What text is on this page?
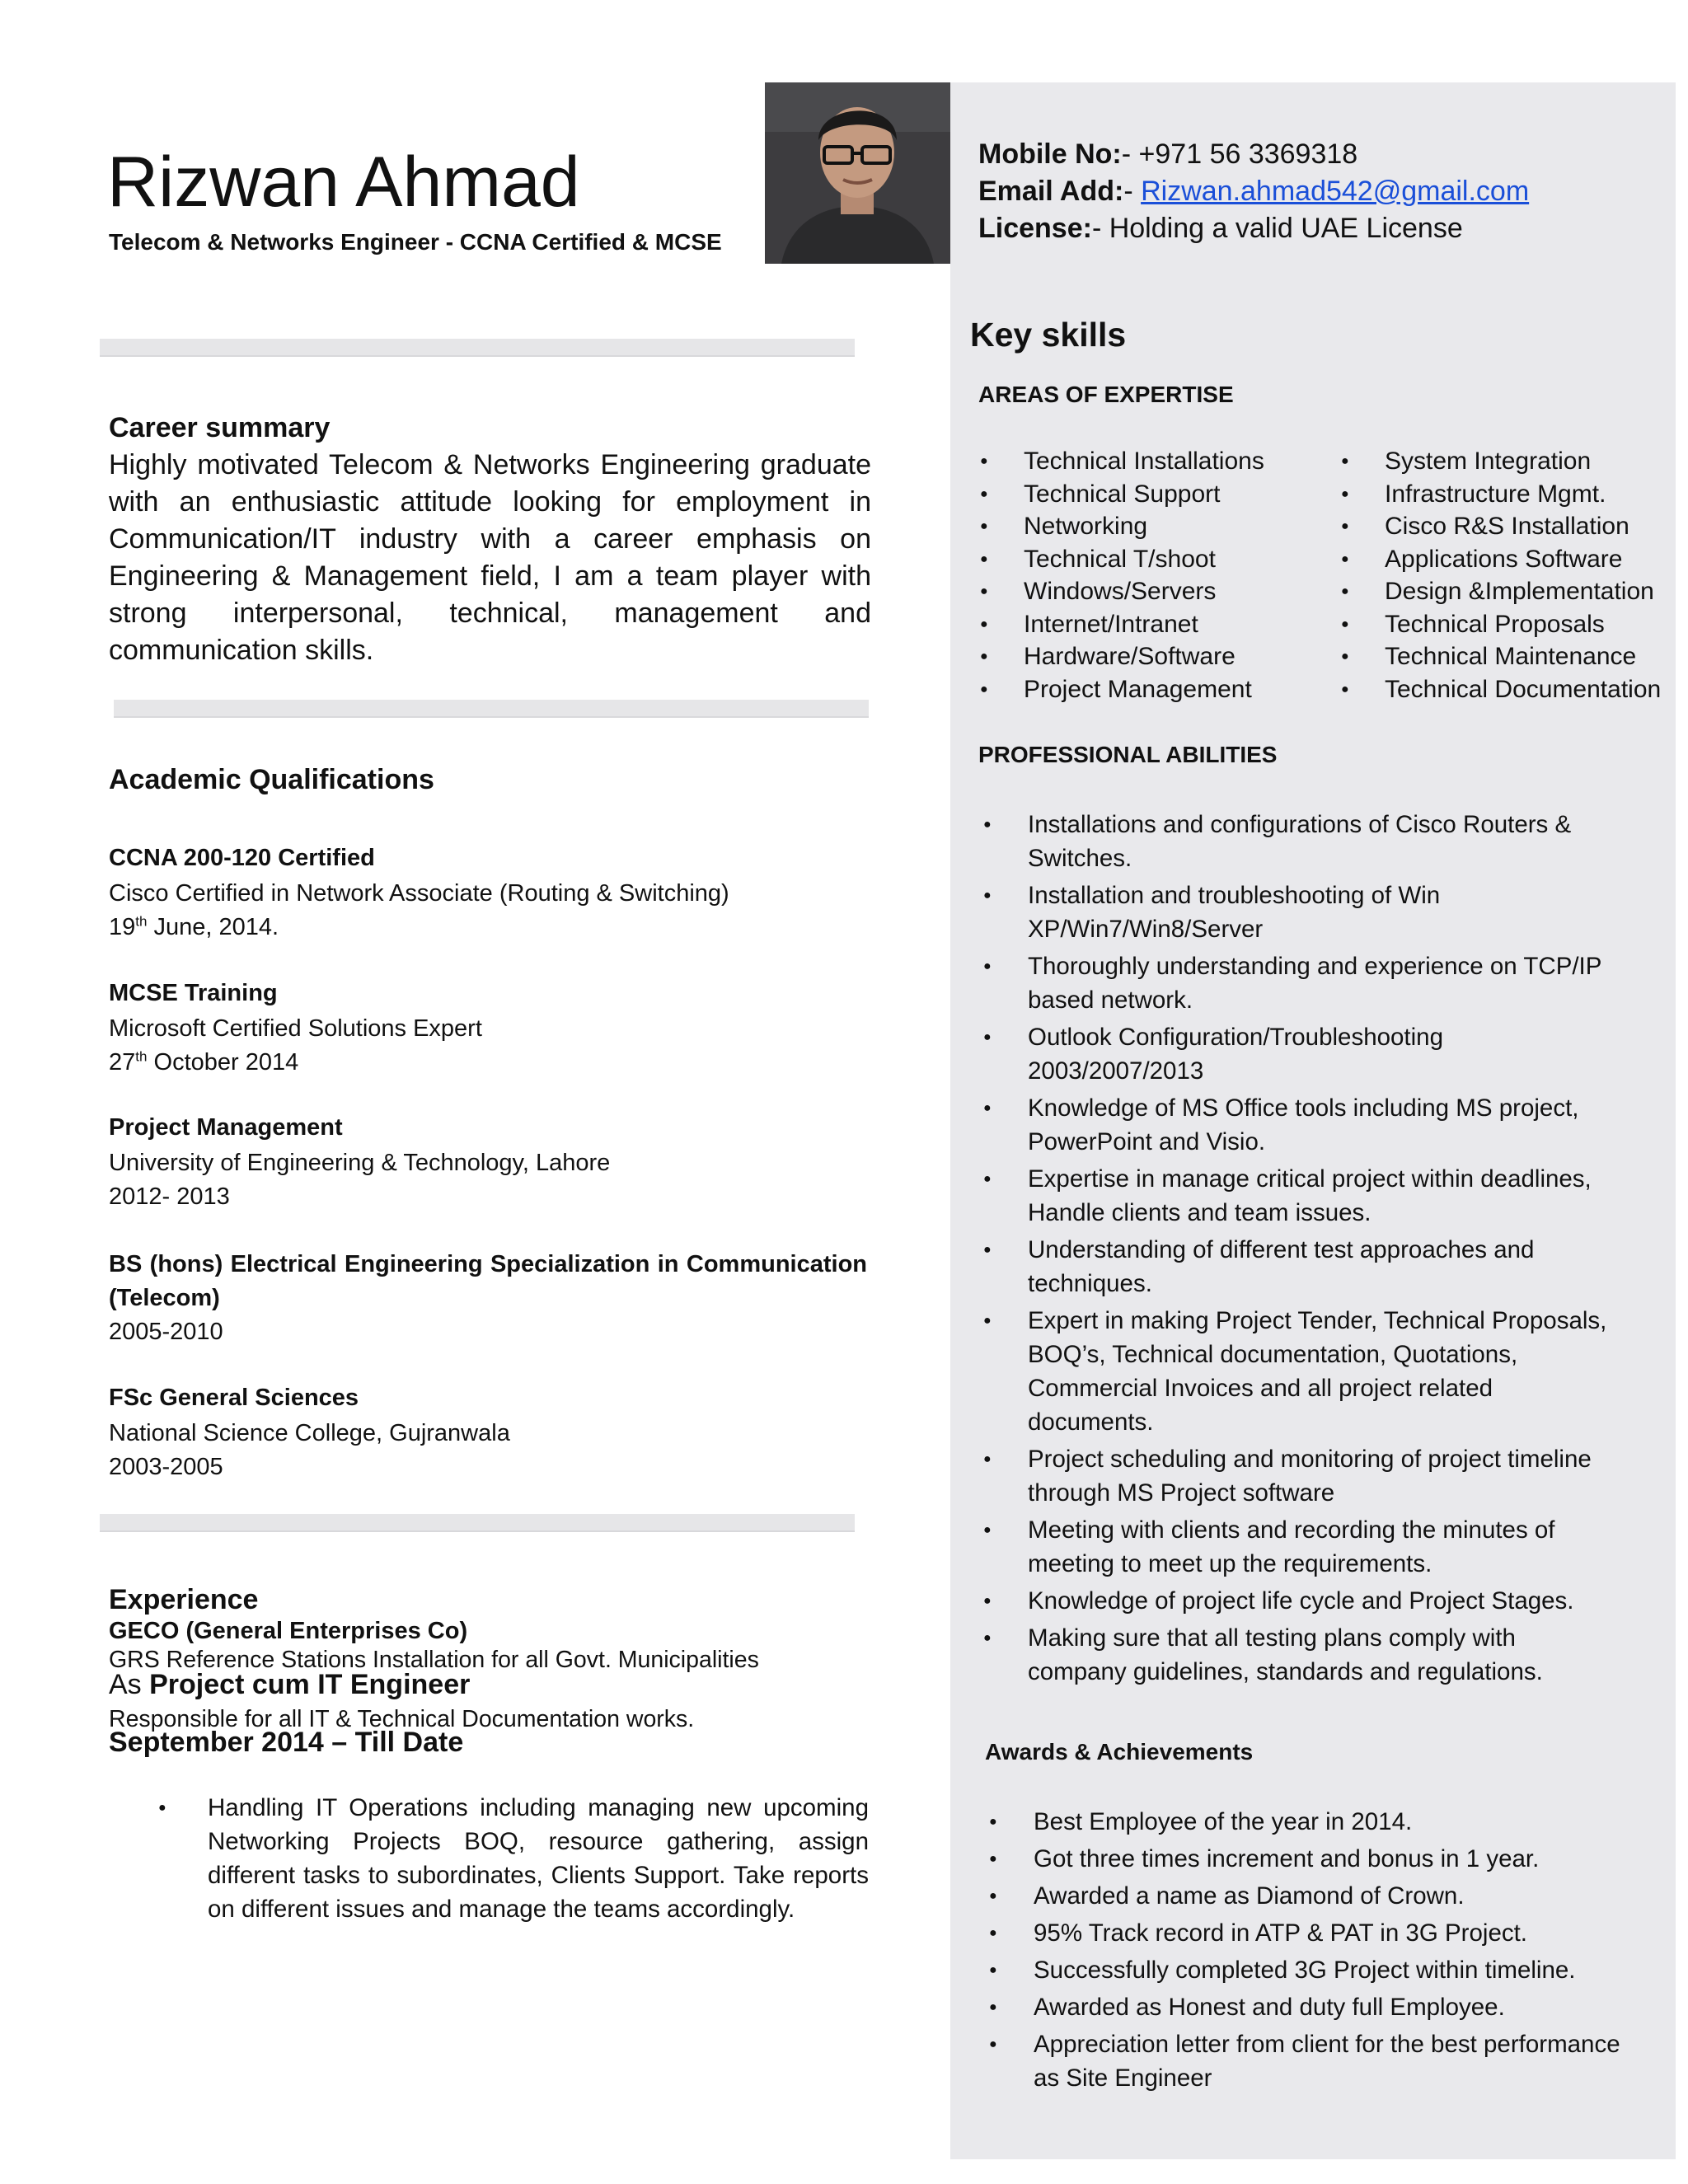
Rizwan Ahmad
Telecom & Networks Engineer - CCNA Certified & MCSE
Mobile No:- +971 56 3369318
Email Add:- Rizwan.ahmad542@gmail.com
License:- Holding a valid UAE License
Career summary
Highly motivated Telecom & Networks Engineering graduate with an enthusiastic attitude looking for employment in Communication/IT industry with a career emphasis on Engineering & Management field, I am a team player with strong interpersonal, technical, management and communication skills.
Academic Qualifications
CCNA 200-120 Certified
Cisco Certified in Network Associate (Routing & Switching)
19th June, 2014.
MCSE Training
Microsoft Certified Solutions Expert
27th October 2014
Project Management
University of Engineering & Technology, Lahore
2012- 2013
BS (hons) Electrical Engineering Specialization in Communication (Telecom)
2005-2010
FSc General Sciences
National Science College, Gujranwala
2003-2005
Experience
GECO (General Enterprises Co)
GRS Reference Stations Installation for all Govt. Municipalities
As Project cum IT Engineer
Responsible for all IT & Technical Documentation works.
September 2014 – Till Date
● Handling IT Operations including managing new upcoming Networking Projects BOQ, resource gathering, assign different tasks to subordinates, Clients Support. Take reports on different issues and manage the teams accordingly.
Key skills
AREAS OF EXPERTISE
● Technical Installations
● Technical Support
● Networking
● Technical T/shoot
● Windows/Servers
● Internet/Intranet
● Hardware/Software
● Project Management
● System Integration
● Infrastructure Mgmt.
● Cisco R&S Installation
● Applications Software
● Design &Implementation
● Technical Proposals
● Technical Maintenance
● Technical Documentation
PROFESSIONAL ABILITIES
● Installations and configurations of Cisco Routers & Switches.
● Installation and troubleshooting of Win XP/Win7/Win8/Server
● Thoroughly understanding and experience on TCP/IP based network.
● Outlook Configuration/Troubleshooting 2003/2007/2013
● Knowledge of MS Office tools including MS project, PowerPoint and Visio.
● Expertise in manage critical project within deadlines, Handle clients and team issues.
● Understanding of different test approaches and techniques.
● Expert in making Project Tender, Technical Proposals, BOQ’s, Technical documentation, Quotations, Commercial Invoices and all project related documents.
● Project scheduling and monitoring of project timeline through MS Project software
● Meeting with clients and recording the minutes of meeting to meet up the requirements.
● Knowledge of project life cycle and Project Stages.
● Making sure that all testing plans comply with company guidelines, standards and regulations.
Awards & Achievements
● Best Employee of the year in 2014.
● Got three times increment and bonus in 1 year.
● Awarded a name as Diamond of Crown.
● 95% Track record in ATP & PAT in 3G Project.
● Successfully completed 3G Project within timeline.
● Awarded as Honest and duty full Employee.
● Appreciation letter from client for the best performance as Site Engineer
